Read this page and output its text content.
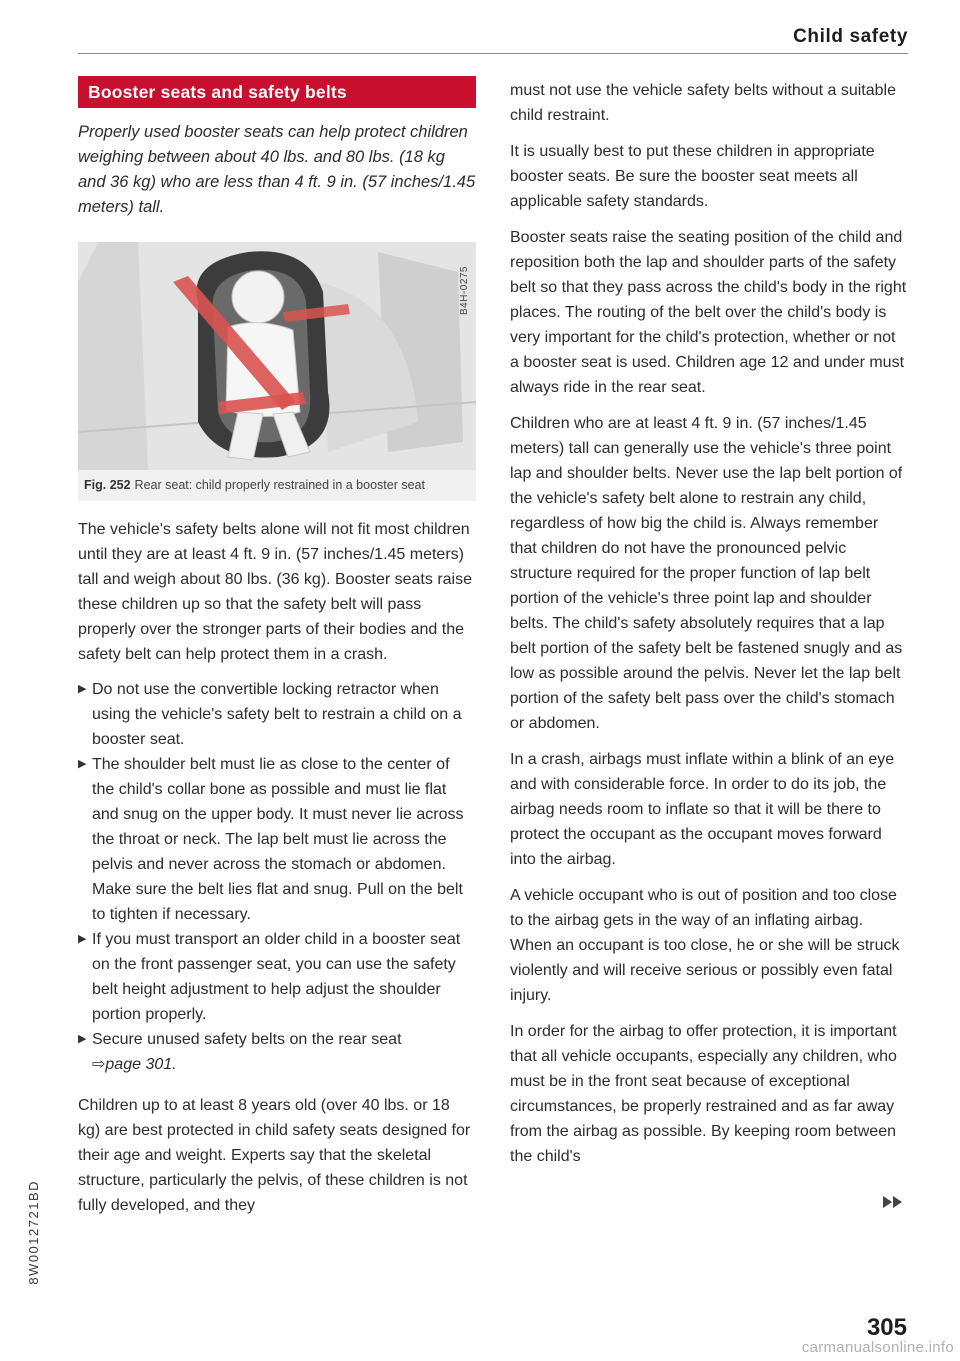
Child safety
Booster seats and safety belts

Properly used booster seats can help protect children weighing between about 40 lbs. and 80 lbs. (18 kg and 36 kg) who are less than 4 ft. 9 in. (57 inches/1.45 meters) tall.

B4H-0275
Fig. 252 Rear seat: child properly restrained in a booster seat

The vehicle's safety belts alone will not fit most children until they are at least 4 ft. 9 in. (57 inches/1.45 meters) tall and weigh about 80 lbs. (36 kg). Booster seats raise these children up so that the safety belt will pass properly over the stronger parts of their bodies and the safety belt can help protect them in a crash.

▶ Do not use the convertible locking retractor when using the vehicle's safety belt to restrain a child on a booster seat.
▶ The shoulder belt must lie as close to the center of the child's collar bone as possible and must lie flat and snug on the upper body. It must never lie across the throat or neck. The lap belt must lie across the pelvis and never across the stomach or abdomen. Make sure the belt lies flat and snug. Pull on the belt to tighten if necessary.
▶ If you must transport an older child in a booster seat on the front passenger seat, you can use the safety belt height adjustment to help adjust the shoulder portion properly.
▶ Secure unused safety belts on the rear seat
⇨page 301.

Children up to at least 8 years old (over 40 lbs. or 18 kg) are best protected in child safety seats designed for their age and weight. Experts say that the skeletal structure, particularly the pelvis, of these children is not fully developed, and they

must not use the vehicle safety belts without a suitable child restraint.

It is usually best to put these children in appropriate booster seats. Be sure the booster seat meets all applicable safety standards.

Booster seats raise the seating position of the child and reposition both the lap and shoulder parts of the safety belt so that they pass across the child's body in the right places. The routing of the belt over the child's body is very important for the child's protection, whether or not a booster seat is used. Children age 12 and under must always ride in the rear seat.

Children who are at least 4 ft. 9 in. (57 inches/1.45 meters) tall can generally use the vehicle's three point lap and shoulder belts. Never use the lap belt portion of the vehicle's safety belt alone to restrain any child, regardless of how big the child is. Always remember that children do not have the pronounced pelvic structure required for the proper function of lap belt portion of the vehicle's three point lap and shoulder belts. The child's safety absolutely requires that a lap belt portion of the safety belt be fastened snugly and as low as possible around the pelvis. Never let the lap belt portion of the safety belt pass over the child's stomach or abdomen.

In a crash, airbags must inflate within a blink of an eye and with considerable force. In order to do its job, the airbag needs room to inflate so that it will be there to protect the occupant as the occupant moves forward into the airbag.

A vehicle occupant who is out of position and too close to the airbag gets in the way of an inflating airbag. When an occupant is too close, he or she will be struck violently and will receive serious or possibly even fatal injury.

In order for the airbag to offer protection, it is important that all vehicle occupants, especially any children, who must be in the front seat because of exceptional circumstances, be properly restrained and as far away from the airbag as possible. By keeping room between the child's

305
8W0012721BD
carmanualsonline.info
